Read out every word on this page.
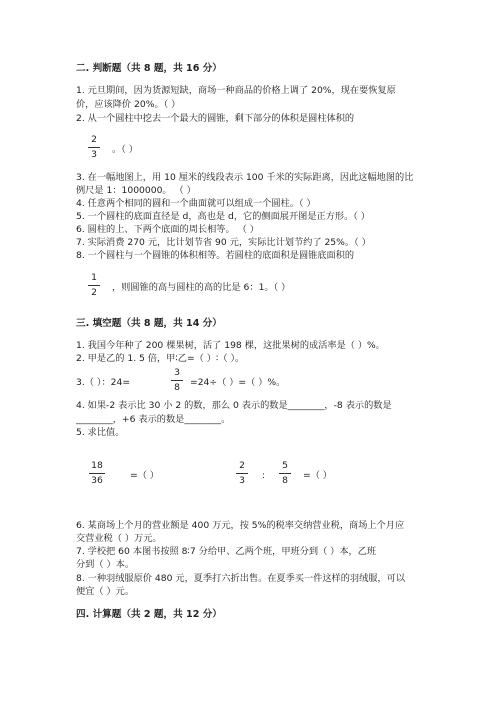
二. 判断题（共 8 题，共 16 分）
1. 元旦期间，因为货源短缺，商场一种商品的价格上调了 20%，现在要恢复原
价，应该降价 20%。（ ）
2. 从一个圆柱中挖去一个最大的圆锥，剩下部分的体积是圆柱体积的
2
3	。（ ）
3. 在一幅地图上，用 10 厘米的线段表示 100 千米的实际距离，因此这幅地图的比
例尺是 1：1000000。 （ ）
4. 任意两个相同的圆和一个曲面就可以组成一个圆柱。（ ）
5. 一个圆柱的底面直径是 d，高也是 d，它的侧面展开图是正方形。（ ）
6. 圆柱的上、下两个底面的周长相等。 （ ）
7. 实际消费 270 元，比计划节省 90 元，实际比计划节约了 25%。（ ）
8. 一个圆柱与一个圆锥的体积相等。若圆柱的底面积是圆锥底面积的
1
2	，则圆锥的高与圆柱的高的比是 6：1。（ ）
三. 填空题（共 8 题，共 14 分）
1. 我国今年种了 200 棵果树，活了 198 棵，这批果树的成活率是（ ）%。
2. 甲是乙的 1. 5 倍，甲∶乙=（ ）∶（ ）。
3.（ ）：24=
3
8	=24÷（ ）=（ ）%。
4. 如果-2 表示比 30 小 2 的数，那么 0 表示的数是________，-8 表示的数是
________，+6 表示的数是________。
5. 求比值。
18
36	=（ ）
2
3	:
5
8	=（ ）
6. 某商场上个月的营业额是 400 万元，按 5%的税率交纳营业税，商场上个月应
交营业税（ ）万元。
7. 学校把 60 本图书按照 8∶7 分给甲、乙两个班，甲班分到（ ）本，乙班
分到（ ）本。
8. 一种羽绒服原价 480 元，夏季打六折出售。在夏季买一件这样的羽绒服，可以
便宜（ ）元。
四. 计算题（共 2 题，共 12 分）
